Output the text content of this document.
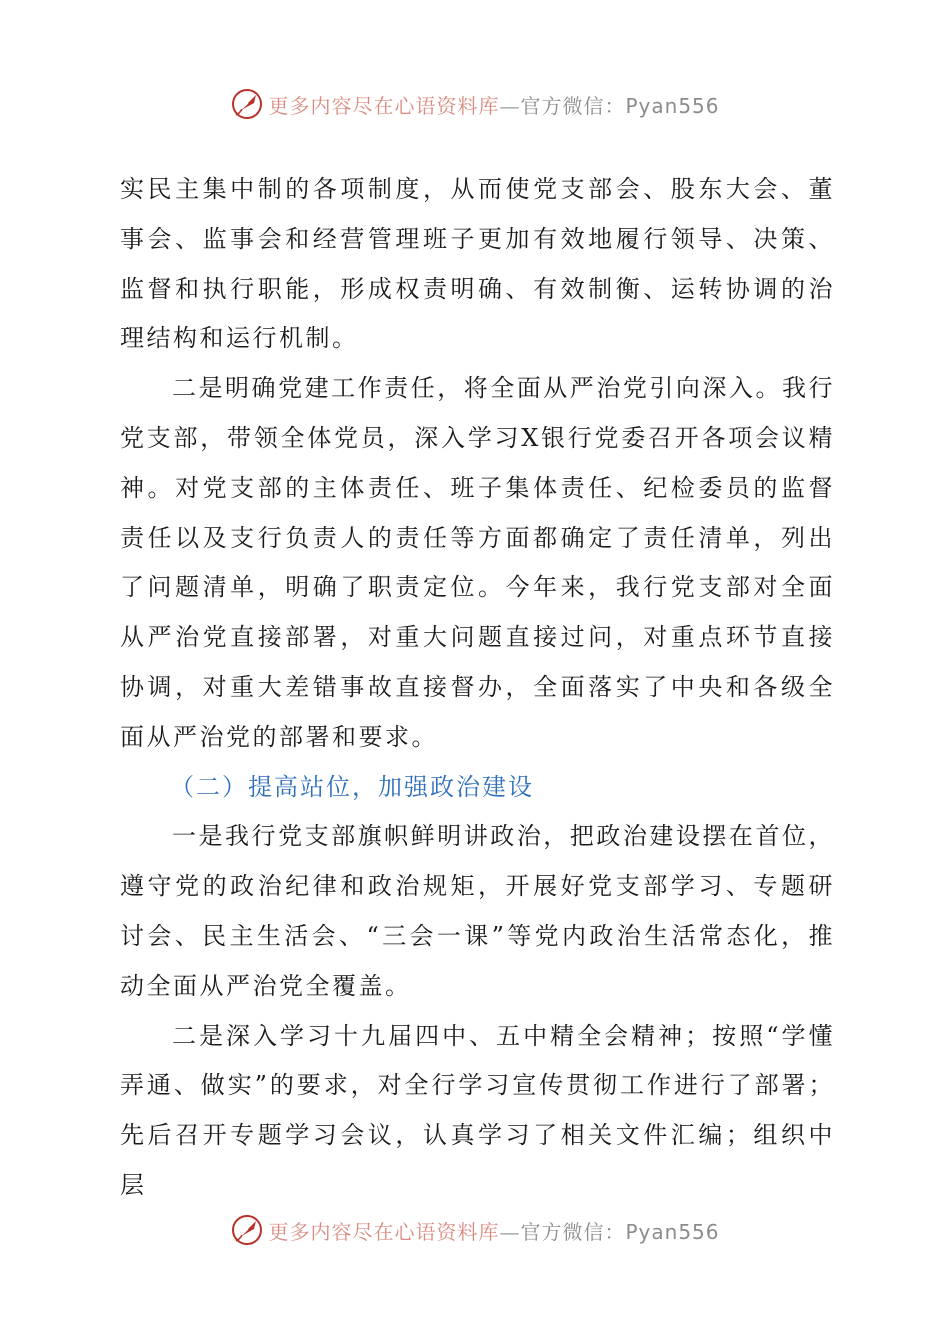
更多内容尽在心语资料库—官方微信：Pyan556

实民主集中制的各项制度，从而使党支部会、股东大会、董事会、监事会和经营管理班子更加有效地履行领导、决策、监督和执行职能，形成权责明确、有效制衡、运转协调的治理结构和运行机制。

二是明确党建工作责任，将全面从严治党引向深入。我行党支部，带领全体党员，深入学习X银行党委召开各项会议精神。对党支部的主体责任、班子集体责任、纪检委员的监督责任以及支行负责人的责任等方面都确定了责任清单，列出了问题清单，明确了职责定位。今年来，我行党支部对全面从严治党直接部署，对重大问题直接过问，对重点环节直接协调，对重大差错事故直接督办，全面落实了中央和各级全面从严治党的部署和要求。

（二）提高站位，加强政治建设

一是我行党支部旗帜鲜明讲政治，把政治建设摆在首位，遵守党的政治纪律和政治规矩，开展好党支部学习、专题研讨会、民主生活会、“三会一课”等党内政治生活常态化，推动全面从严治党全覆盖。

二是深入学习十九届四中、五中精全会精神；按照“学懂弄通、做实”的要求，对全行学习宣传贯彻工作进行了部署；先后召开专题学习会议，认真学习了相关文件汇编；组织中层

更多内容尽在心语资料库—官方微信：Pyan556
